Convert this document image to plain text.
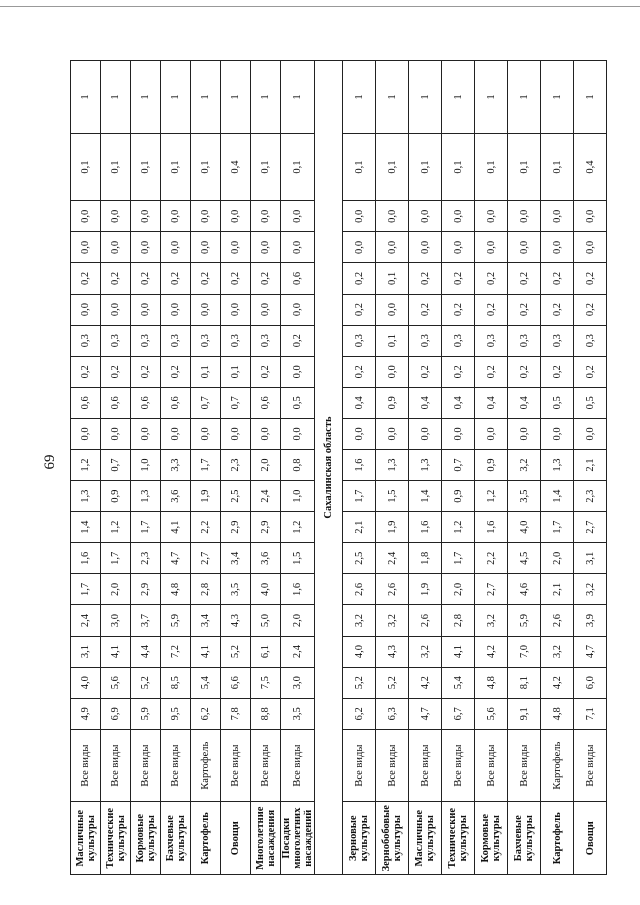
69
Масличные культуры	Все виды	4,9	4,0	3,1	2,4	1,7	1,6	1,4	1,3	1,2	0,0	0,6	0,2	0,3	0,0	0,2	0,0	0,0	0,1	1
Технические культуры	Все виды	6,9	5,6	4,1	3,0	2,0	1,7	1,2	0,9	0,7	0,0	0,6	0,2	0,3	0,0	0,2	0,0	0,0	0,1	1
Кормовые культуры	Все виды	5,9	5,2	4,4	3,7	2,9	2,3	1,7	1,3	1,0	0,0	0,6	0,2	0,3	0,0	0,2	0,0	0,0	0,1	1
Бахчевые культуры	Все виды	9,5	8,5	7,2	5,9	4,8	4,7	4,1	3,6	3,3	0,0	0,6	0,2	0,3	0,0	0,2	0,0	0,0	0,1	1
Картофель	Картофель	6,2	5,4	4,1	3,4	2,8	2,7	2,2	1,9	1,7	0,0	0,7	0,1	0,3	0,0	0,2	0,0	0,0	0,1	1
Овощи	Все виды	7,8	6,6	5,2	4,3	3,5	3,4	2,9	2,5	2,3	0,0	0,7	0,1	0,3	0,0	0,2	0,0	0,0	0,4	1
Многолетние насаждения	Все виды	8,8	7,5	6,1	5,0	4,0	3,6	2,9	2,4	2,0	0,0	0,6	0,2	0,3	0,0	0,2	0,0	0,0	0,1	1
Посадки многолетних насаждений	Все виды	3,5	3,0	2,4	2,0	1,6	1,5	1,2	1,0	0,8	0,0	0,5	0,0	0,2	0,0	0,6	0,0	0,0	0,1	1
Сахалинская область																				
Зерновые культуры	Все виды	6,2	5,2	4,0	3,2	2,6	2,5	2,1	1,7	1,6	0,0	0,4	0,2	0,3	0,2	0,2	0,0	0,0	0,1	1
Зернобобовые культуры	Все виды	6,3	5,2	4,3	3,2	2,6	2,4	1,9	1,5	1,3	0,0	0,9	0,0	0,1	0,0	0,1	0,0	0,0	0,1	1
Масличные культуры	Все виды	4,7	4,2	3,2	2,6	1,9	1,8	1,6	1,4	1,3	0,0	0,4	0,2	0,3	0,2	0,2	0,0	0,0	0,1	1
Технические культуры	Все виды	6,7	5,4	4,1	2,8	2,0	1,7	1,2	0,9	0,7	0,0	0,4	0,2	0,3	0,2	0,2	0,0	0,0	0,1	1
Кормовые культуры	Все виды	5,6	4,8	4,2	3,2	2,7	2,2	1,6	1,2	0,9	0,0	0,4	0,2	0,3	0,2	0,2	0,0	0,0	0,1	1
Бахчевые культуры	Все виды	9,1	8,1	7,0	5,9	4,6	4,5	4,0	3,5	3,2	0,0	0,4	0,2	0,3	0,2	0,2	0,0	0,0	0,1	1
Картофель	Картофель	4,8	4,2	3,2	2,6	2,1	2,0	1,7	1,4	1,3	0,0	0,5	0,2	0,3	0,2	0,2	0,0	0,0	0,1	1
Овощи	Все виды	7,1	6,0	4,7	3,9	3,2	3,1	2,7	2,3	2,1	0,0	0,5	0,2	0,3	0,2	0,2	0,0	0,0	0,4	1
